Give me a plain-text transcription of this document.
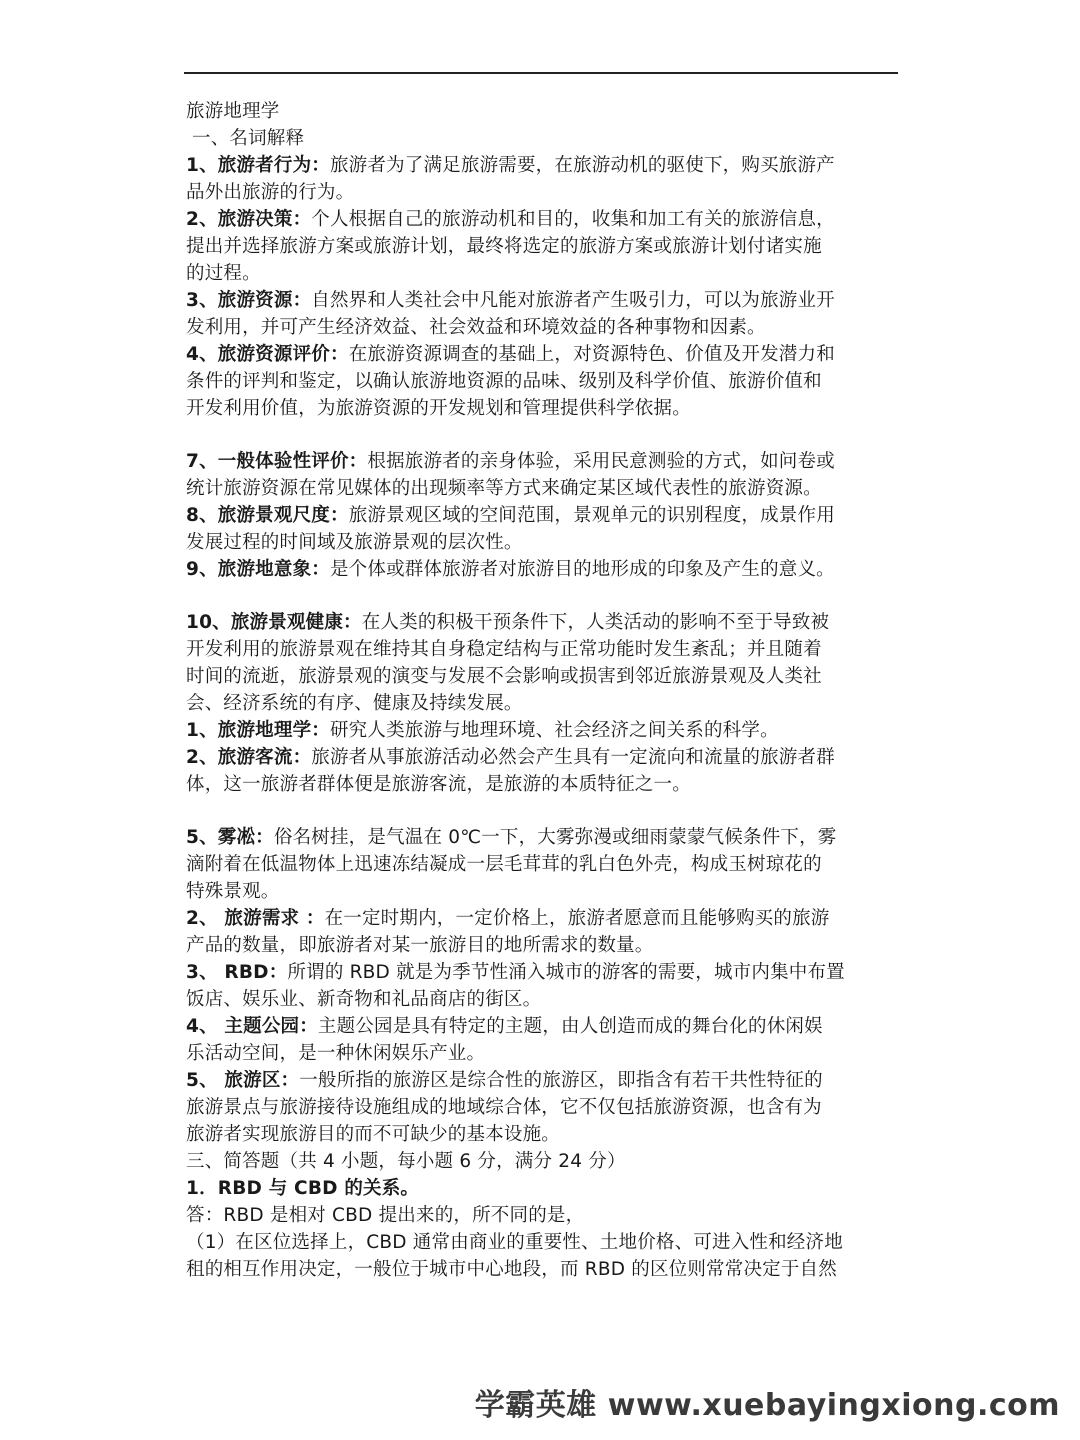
旅游地理学
一、名词解释
1、旅游者行为：旅游者为了满足旅游需要，在旅游动机的驱使下，购买旅游产
品外出旅游的行为。
2、旅游决策：个人根据自己的旅游动机和目的，收集和加工有关的旅游信息，
提出并选择旅游方案或旅游计划，最终将选定的旅游方案或旅游计划付诸实施
的过程。
3、旅游资源：自然界和人类社会中凡能对旅游者产生吸引力，可以为旅游业开
发利用，并可产生经济效益、社会效益和环境效益的各种事物和因素。
4、旅游资源评价：在旅游资源调查的基础上，对资源特色、价值及开发潜力和
条件的评判和鉴定，以确认旅游地资源的品味、级别及科学价值、旅游价值和
开发利用价值，为旅游资源的开发规划和管理提供科学依据。
7、一般体验性评价：根据旅游者的亲身体验，采用民意测验的方式，如问卷或
统计旅游资源在常见媒体的出现频率等方式来确定某区域代表性的旅游资源。
8、旅游景观尺度：旅游景观区域的空间范围，景观单元的识别程度，成景作用
发展过程的时间域及旅游景观的层次性。
9、旅游地意象：是个体或群体旅游者对旅游目的地形成的印象及产生的意义。
10、旅游景观健康：在人类的积极干预条件下，人类活动的影响不至于导致被
开发利用的旅游景观在维持其自身稳定结构与正常功能时发生紊乱；并且随着
时间的流逝，旅游景观的演变与发展不会影响或损害到邻近旅游景观及人类社
会、经济系统的有序、健康及持续发展。
1、旅游地理学：研究人类旅游与地理环境、社会经济之间关系的科学。
2、旅游客流：旅游者从事旅游活动必然会产生具有一定流向和流量的旅游者群
体，这一旅游者群体便是旅游客流，是旅游的本质特征之一。
5、雾凇：俗名树挂，是气温在 0℃一下，大雾弥漫或细雨蒙蒙气候条件下，雾
滴附着在低温物体上迅速冻结凝成一层毛茸茸的乳白色外壳，构成玉树琼花的
特殊景观。
2、 旅游需求 ：在一定时期内，一定价格上，旅游者愿意而且能够购买的旅游
产品的数量，即旅游者对某一旅游目的地所需求的数量。
3、 RBD：所谓的 RBD 就是为季节性涌入城市的游客的需要，城市内集中布置
饭店、娱乐业、新奇物和礼品商店的街区。
4、 主题公园：主题公园是具有特定的主题，由人创造而成的舞台化的休闲娱
乐活动空间，是一种休闲娱乐产业。
5、 旅游区：一般所指的旅游区是综合性的旅游区，即指含有若干共性特征的
旅游景点与旅游接待设施组成的地域综合体，它不仅包括旅游资源，也含有为
旅游者实现旅游目的而不可缺少的基本设施。
三、简答题（共 4 小题，每小题 6 分，满分 24 分）
1．RBD 与 CBD 的关系。
答：RBD 是相对 CBD 提出来的，所不同的是，
（1）在区位选择上，CBD 通常由商业的重要性、土地价格、可进入性和经济地
租的相互作用决定，一般位于城市中心地段，而 RBD 的区位则常常决定于自然
学霸英雄 www.xuebayingxiong.com
